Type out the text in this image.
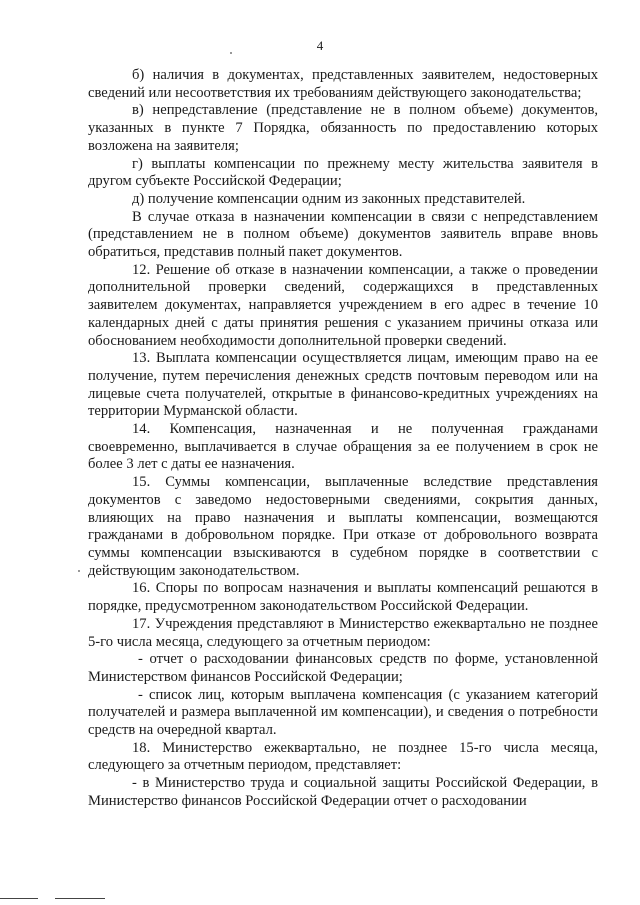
4

б) наличия в документах, представленных заявителем, недостоверных сведений или несоответствия их требованиям действующего законодательства;

в) непредставление (представление не в полном объеме) документов, указанных в пункте 7 Порядка, обязанность по предоставлению которых возложена на заявителя;

г) выплаты компенсации по прежнему месту жительства заявителя в другом субъекте Российской Федерации;

д) получение компенсации одним из законных представителей.

В случае отказа в назначении компенсации в связи с непредставлением (представлением не в полном объеме) документов заявитель вправе вновь обратиться, представив полный пакет документов.

12. Решение об отказе в назначении компенсации, а также о проведении дополнительной проверки сведений, содержащихся в представленных заявителем документах, направляется учреждением в его адрес в течение 10 календарных дней с даты принятия решения с указанием причины отказа или обоснованием необходимости дополнительной проверки сведений.

13. Выплата компенсации осуществляется лицам, имеющим право на ее получение, путем перечисления денежных средств почтовым переводом или на лицевые счета получателей, открытые в финансово-кредитных учреждениях на территории Мурманской области.

14. Компенсация, назначенная и не полученная гражданами своевременно, выплачивается в случае обращения за ее получением в срок не более 3 лет с даты ее назначения.

15. Суммы компенсации, выплаченные вследствие представления документов с заведомо недостоверными сведениями, сокрытия данных, влияющих на право назначения и выплаты компенсации, возмещаются гражданами в добровольном порядке. При отказе от добровольного возврата суммы компенсации взыскиваются в судебном порядке в соответствии с действующим законодательством.

16. Споры по вопросам назначения и выплаты компенсаций решаются в порядке, предусмотренном законодательством Российской Федерации.

17. Учреждения представляют в Министерство ежеквартально не позднее 5-го числа месяца, следующего за отчетным периодом:

- отчет о расходовании финансовых средств по форме, установленной Министерством финансов Российской Федерации;

- список лиц, которым выплачена компенсация (с указанием категорий получателей и размера выплаченной им компенсации), и сведения о потребности средств на очередной квартал.

18. Министерство ежеквартально, не позднее 15-го числа месяца, следующего за отчетным периодом, представляет:

- в Министерство труда и социальной защиты Российской Федерации, в Министерство финансов Российской Федерации отчет о расходовании
